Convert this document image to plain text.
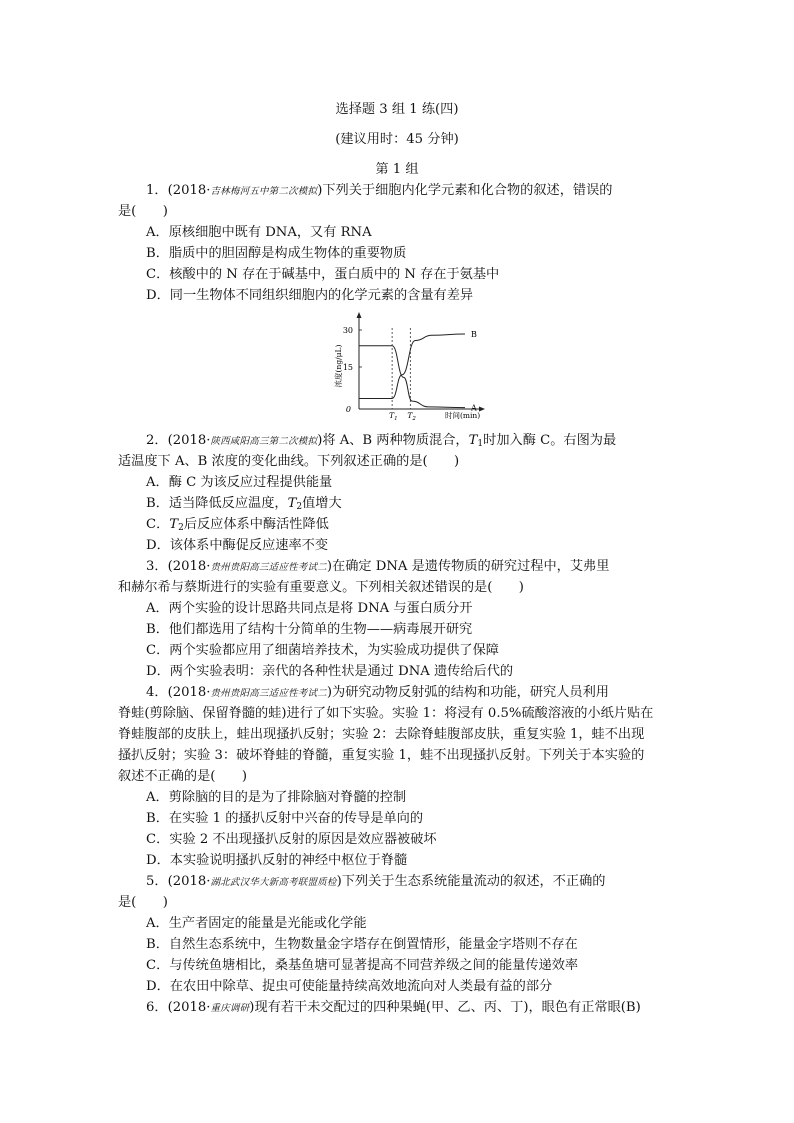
选择题 3 组 1 练(四)
(建议用时：45 分钟)
第 1 组
1．(2018·吉林梅河五中第二次模拟)下列关于细胞内化学元素和化合物的叙述，错误的
是(　　)
A．原核细胞中既有 DNA，又有 RNA
B．脂质中的胆固醇是构成生物体的重要物质
C．核酸中的 N 存在于碱基中，蛋白质中的 N 存在于氨基中
D．同一生物体不同组织细胞内的化学元素的含量有差异
浓度(ng/μL)
30
15
0
$T_1$ $T_2$
A
B
时间(min)
2．(2018·陕西咸阳高三第二次模拟)将 A、B 两种物质混合，$T_1$时加入酶 C。右图为最
适温度下 A、B 浓度的变化曲线。下列叙述正确的是(　　)
A．酶 C 为该反应过程提供能量
B．适当降低反应温度，$T_2$值增大
C．$T_2$后反应体系中酶活性降低
D．该体系中酶促反应速率不变
3．(2018·贵州贵阳高三适应性考试二)在确定 DNA 是遗传物质的研究过程中，艾弗里
和赫尔希与蔡斯进行的实验有重要意义。下列相关叙述错误的是(　　)
A．两个实验的设计思路共同点是将 DNA 与蛋白质分开
B．他们都选用了结构十分简单的生物——病毒展开研究
C．两个实验都应用了细菌培养技术，为实验成功提供了保障
D．两个实验表明：亲代的各种性状是通过 DNA 遗传给后代的
4．(2018·贵州贵阳高三适应性考试二)为研究动物反射弧的结构和功能，研究人员利用
脊蛙(剪除脑、保留脊髓的蛙)进行了如下实验。实验 1：将浸有 0.5%硫酸溶液的小纸片贴在
脊蛙腹部的皮肤上，蛙出现搔扒反射；实验 2：去除脊蛙腹部皮肤，重复实验 1，蛙不出现
搔扒反射；实验 3：破坏脊蛙的脊髓，重复实验 1，蛙不出现搔扒反射。下列关于本实验的
叙述不正确的是(　　)
A．剪除脑的目的是为了排除脑对脊髓的控制
B．在实验 1 的搔扒反射中兴奋的传导是单向的
C．实验 2 不出现搔扒反射的原因是效应器被破坏
D．本实验说明搔扒反射的神经中枢位于脊髓
5．(2018·湖北武汉华大新高考联盟质检)下列关于生态系统能量流动的叙述，不正确的
是(　　)
A．生产者固定的能量是光能或化学能
B．自然生态系统中，生物数量金字塔存在倒置情形，能量金字塔则不存在
C．与传统鱼塘相比，桑基鱼塘可显著提高不同营养级之间的能量传递效率
D．在农田中除草、捉虫可使能量持续高效地流向对人类最有益的部分
6．(2018·重庆调研)现有若干未交配过的四种果蝇(甲、乙、丙、丁)，眼色有正常眼(B)
